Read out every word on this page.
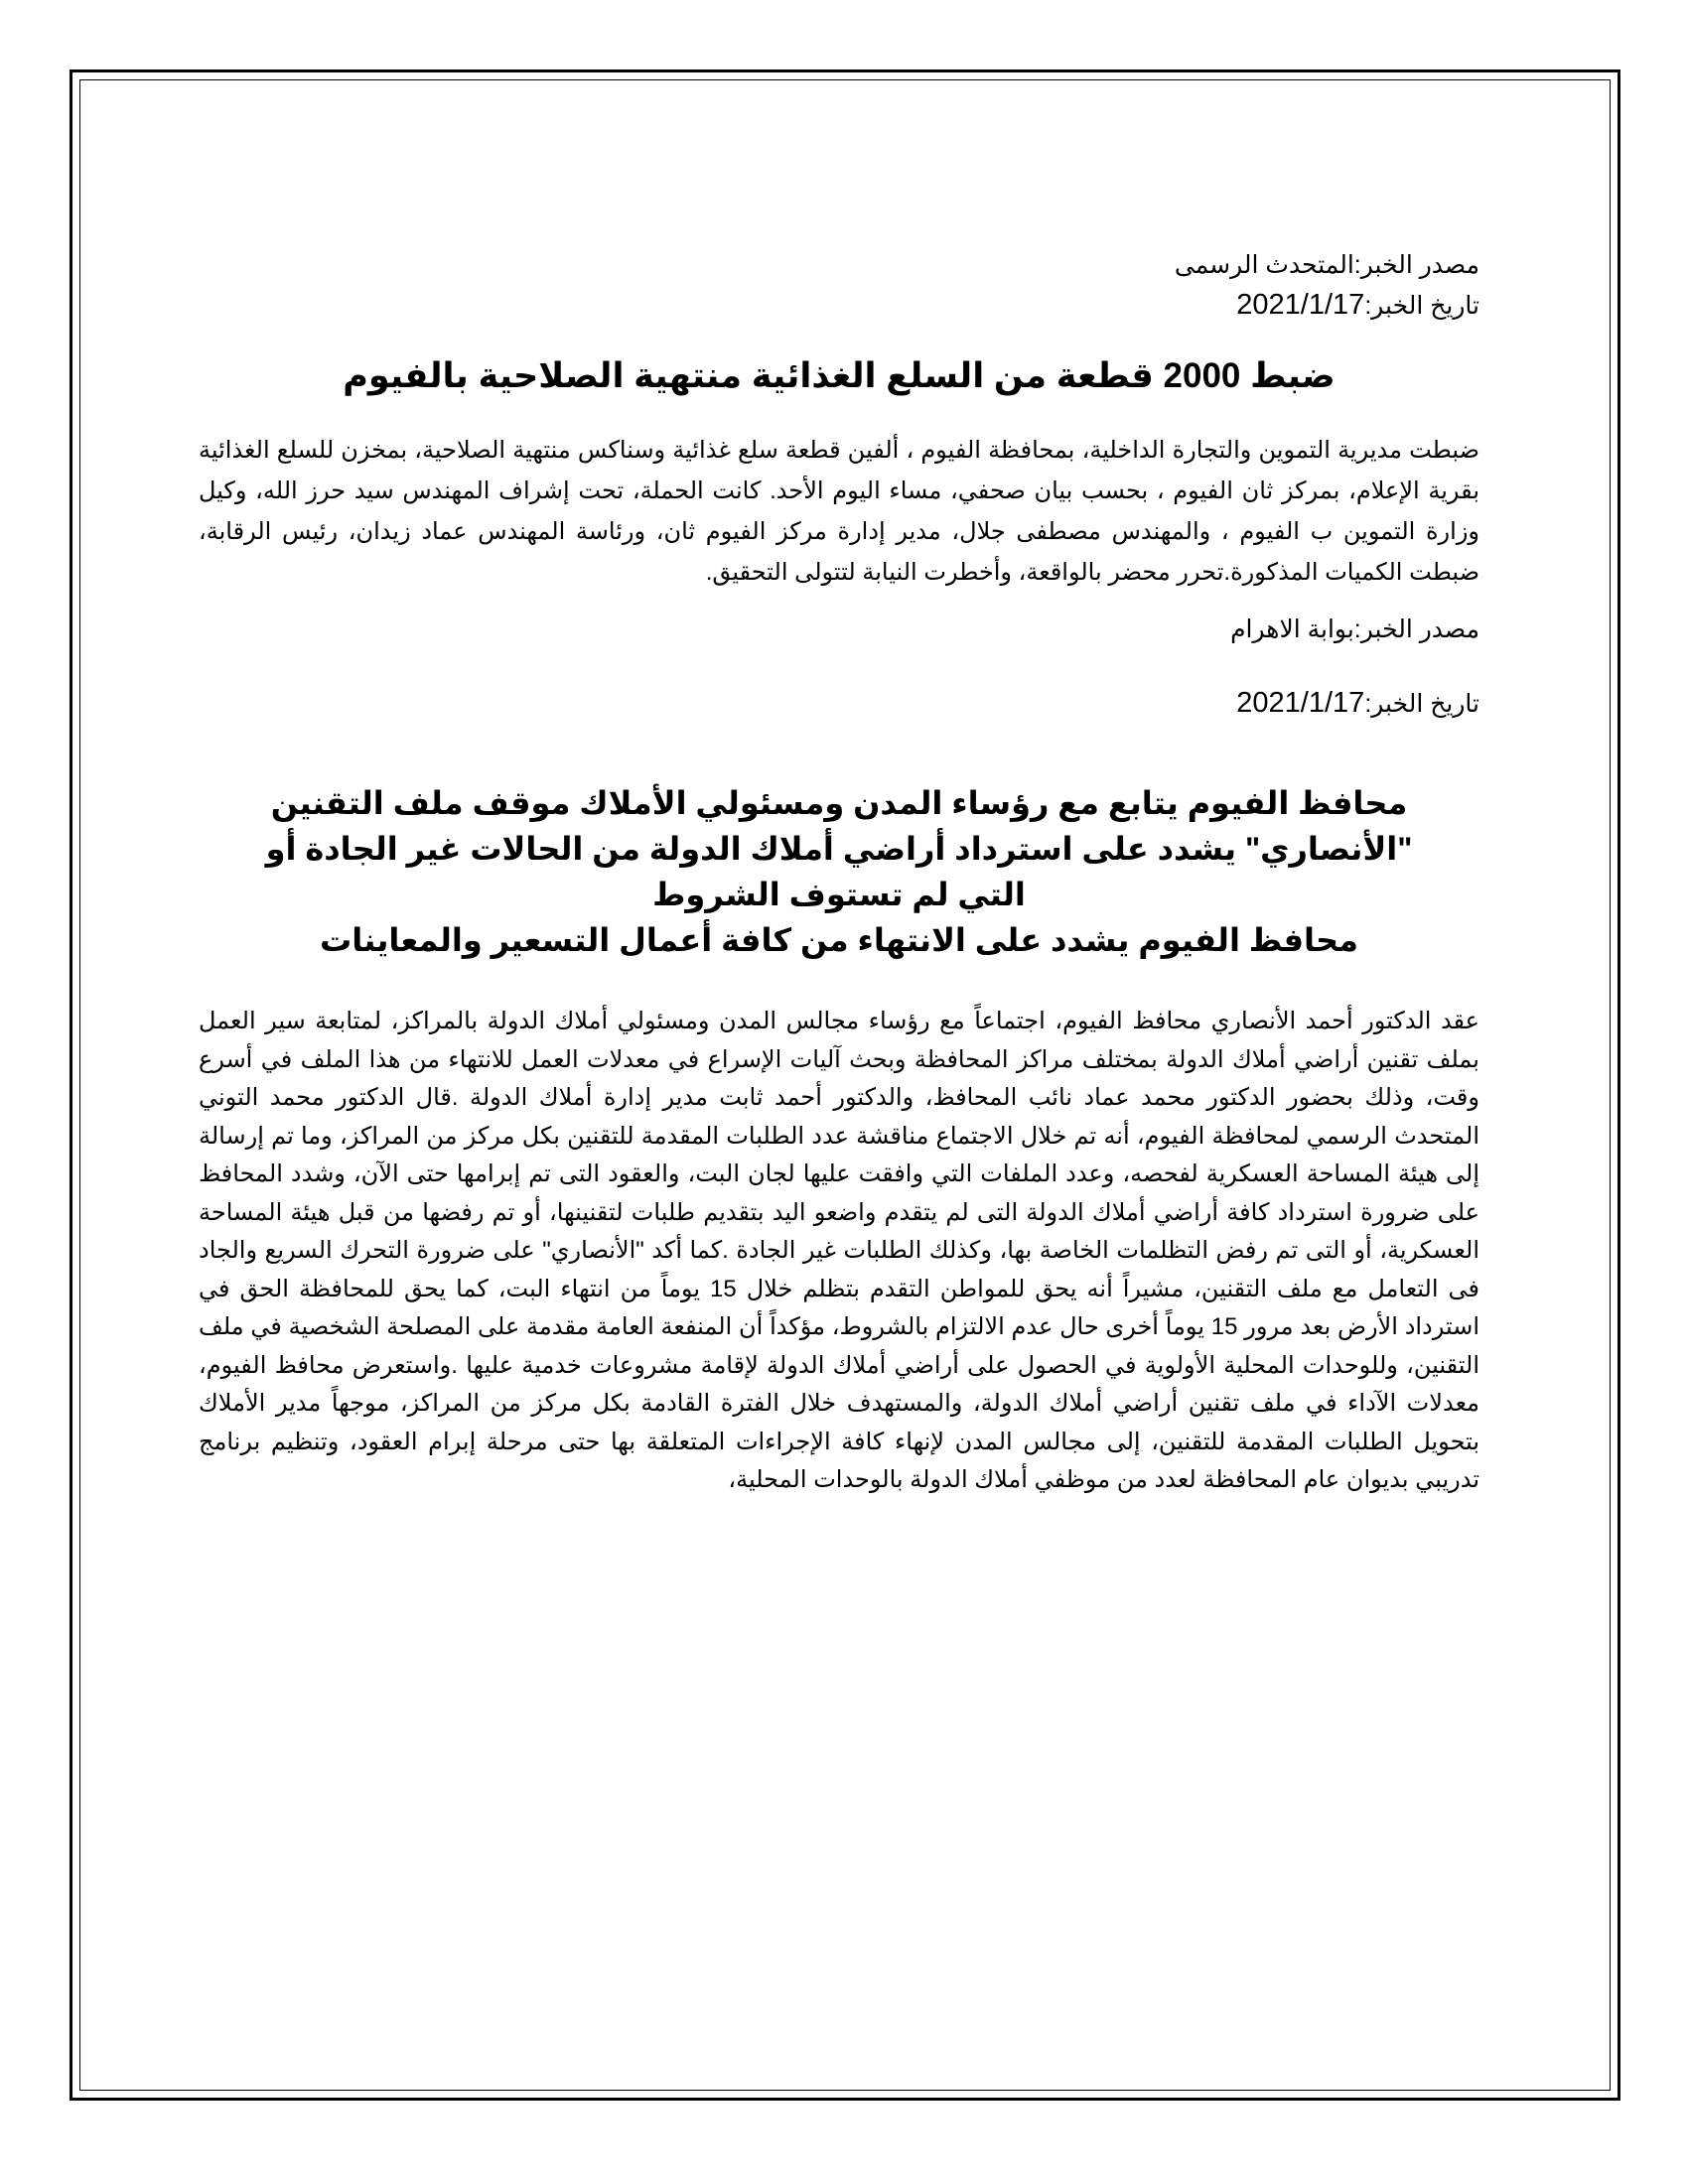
مصدر الخبر:المتحدث الرسمى

تاريخ الخبر:2021/1/17

ضبط 2000 قطعة من السلع الغذائية منتهية الصلاحية بالفيوم

ضبطت مديرية التموين والتجارة الداخلية، بمحافظة الفيوم ، ألفين قطعة سلع غذائية وسناكس منتهية الصلاحية، بمخزن للسلع الغذائية بقرية الإعلام، بمركز ثان الفيوم ، بحسب بيان صحفي، مساء اليوم الأحد. كانت الحملة، تحت إشراف المهندس سيد حرز الله، وكيل وزارة التموين ب الفيوم ، والمهندس مصطفى جلال، مدير إدارة مركز الفيوم ثان، ورئاسة المهندس عماد زيدان، رئيس الرقابة، ضبطت الكميات المذكورة.تحرر محضر بالواقعة، وأخطرت النيابة لتتولى التحقيق.

مصدر الخبر:بوابة الاهرام

تاريخ الخبر:2021/1/17

محافظ الفيوم يتابع مع رؤساء المدن ومسئولي الأملاك موقف ملف التقنين

"الأنصاري" يشدد على استرداد أراضي أملاك الدولة من الحالات غير الجادة أو

التي لم تستوف الشروط

محافظ الفيوم يشدد على الانتهاء من كافة أعمال التسعير والمعاينات

عقد الدكتور أحمد الأنصاري محافظ الفيوم، اجتماعاً مع رؤساء مجالس المدن ومسئولي أملاك الدولة بالمراكز، لمتابعة سير العمل بملف تقنين أراضي أملاك الدولة بمختلف مراكز المحافظة وبحث آليات الإسراع في معدلات العمل للانتهاء من هذا الملف في أسرع وقت، وذلك بحضور الدكتور محمد عماد نائب المحافظ، والدكتور أحمد ثابت مدير إدارة أملاك الدولة .قال الدكتور محمد التوني المتحدث الرسمي لمحافظة الفيوم، أنه تم خلال الاجتماع مناقشة عدد الطلبات المقدمة للتقنين بكل مركز من المراكز، وما تم إرسالة إلى هيئة المساحة العسكرية لفحصه، وعدد الملفات التي وافقت عليها لجان البت، والعقود التى تم إبرامها حتى الآن، وشدد المحافظ على ضرورة استرداد كافة أراضي أملاك الدولة التى لم يتقدم واضعو اليد بتقديم طلبات لتقنينها، أو تم رفضها من قبل هيئة المساحة العسكرية، أو التى تم رفض التظلمات الخاصة بها، وكذلك الطلبات غير الجادة .كما أكد "الأنصاري" على ضرورة التحرك السريع والجاد فى التعامل مع ملف التقنين، مشيراً أنه يحق للمواطن التقدم بتظلم خلال 15 يوماً من انتهاء البت، كما يحق للمحافظة الحق في استرداد الأرض بعد مرور 15 يوماً أخرى حال عدم الالتزام بالشروط، مؤكداً أن المنفعة العامة مقدمة على المصلحة الشخصية في ملف التقنين، وللوحدات المحلية الأولوية في الحصول على أراضي أملاك الدولة لإقامة مشروعات خدمية عليها .واستعرض محافظ الفيوم، معدلات الآداء في ملف تقنين أراضي أملاك الدولة، والمستهدف خلال الفترة القادمة بكل مركز من المراكز، موجهاً مدير الأملاك بتحويل الطلبات المقدمة للتقنين، إلى مجالس المدن لإنهاء كافة الإجراءات المتعلقة بها حتى مرحلة إبرام العقود، وتنظيم برنامج تدريبي بديوان عام المحافظة لعدد من موظفي أملاك الدولة بالوحدات المحلية،
